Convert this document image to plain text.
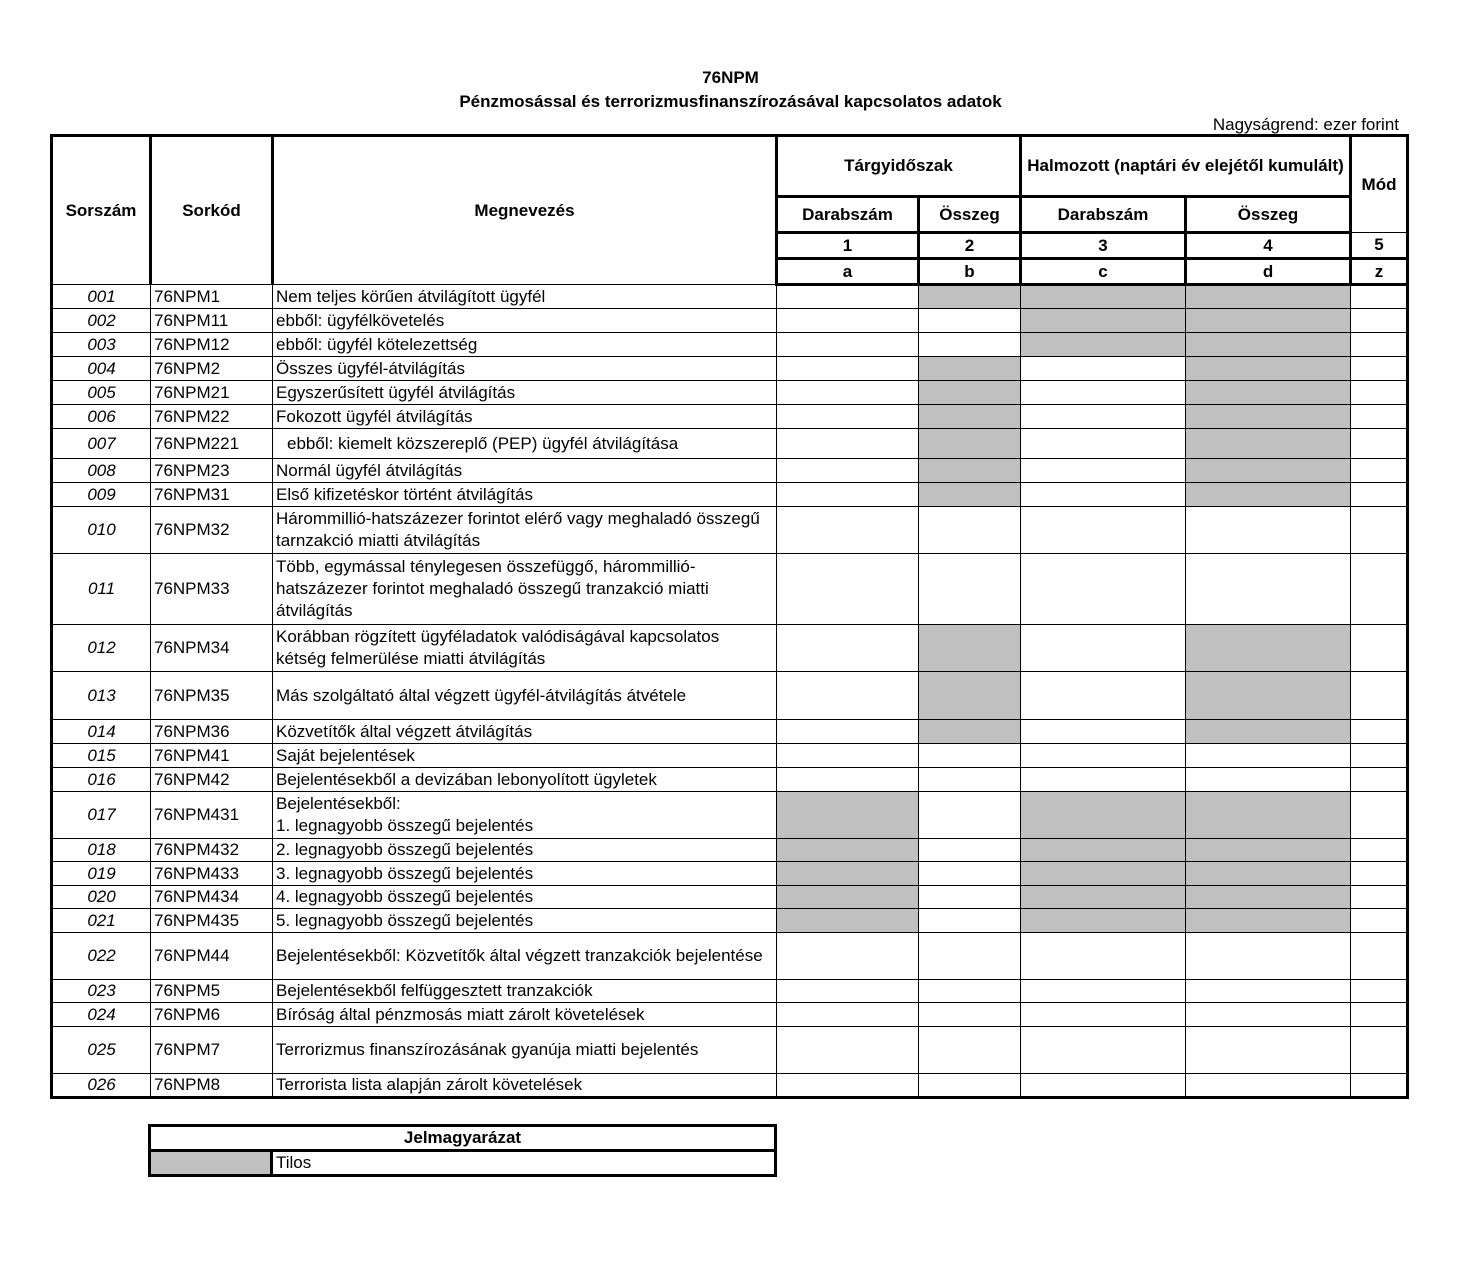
76NPM
Pénzmosással és terrorizmusfinanszírozásával kapcsolatos adatok
Nagyságrend: ezer forint
Sorszám	Sorkód	Megnevezés	Tárgyidőszak		Halmozott (naptári év elejétől kumulált)		Mód
			Darabszám	Összeg	Darabszám	Összeg	
			1	2	3	4	5
			a	b	c	d	z
001	76NPM1	Nem teljes körűen átvilágított ügyfél					
002	76NPM11	ebből: ügyfélkövetelés					
003	76NPM12	ebből: ügyfél kötelezettség					
004	76NPM2	Összes ügyfél-átvilágítás					
005	76NPM21	Egyszerűsített ügyfél átvilágítás					
006	76NPM22	Fokozott ügyfél átvilágítás					
007	76NPM221	ebből: kiemelt közszereplő (PEP) ügyfél átvilágítása					
008	76NPM23	Normál ügyfél átvilágítás					
009	76NPM31	Első kifizetéskor történt átvilágítás					
010	76NPM32	Hárommillió-hatszázezer forintot elérő vagy meghaladó összegű tarnzakció miatti átvilágítás					
011	76NPM33	Több, egymással ténylegesen összefüggő, hárommillió-hatszázezer forintot meghaladó összegű tranzakció miatti átvilágítás					
012	76NPM34	Korábban rögzített ügyféladatok valódiságával kapcsolatos kétség felmerülése miatti átvilágítás					
013	76NPM35	Más szolgáltató által végzett ügyfél-átvilágítás átvétele					
014	76NPM36	Közvetítők által végzett átvilágítás					
015	76NPM41	Saját bejelentések					
016	76NPM42	Bejelentésekből a devizában lebonyolított ügyletek					
017	76NPM431	Bejelentésekből:
1. legnagyobb összegű bejelentés					
018	76NPM432	2. legnagyobb összegű bejelentés					
019	76NPM433	3. legnagyobb összegű bejelentés					
020	76NPM434	4. legnagyobb összegű bejelentés					
021	76NPM435	5. legnagyobb összegű bejelentés					
022	76NPM44	Bejelentésekből: Közvetítők által végzett tranzakciók bejelentése					
023	76NPM5	Bejelentésekből felfüggesztett tranzakciók					
024	76NPM6	Bíróság által pénzmosás miatt zárolt követelések					
025	76NPM7	Terrorizmus finanszírozásának gyanúja miatti bejelentés					
026	76NPM8	Terrorista lista alapján zárolt követelések					
Jelmagyarázat
	Tilos
